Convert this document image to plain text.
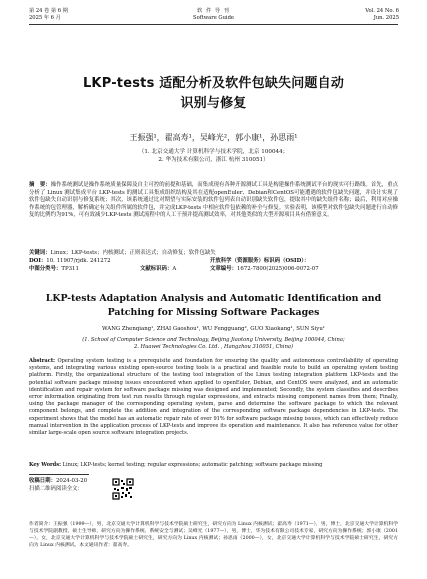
第 24 卷 第 6 期
2025 年 6 月
软 件 导 刊
Software Guide
Vol. 24 No. 6
Jun. 2025
LKP-tests 适配分析及软件包缺失问题自动
识别与修复
王振强¹，翟高寿¹，吴峰光²，郭小康¹，孙思雨¹
（1. 北京交通大学 计算机科学与技术学院，北京 100044；
2. 华为技术有限公司，浙江 杭州 310051）
摘　要：操作系统测试是操作系统质量保障及自主可控的前提和基础，而集成现有各种开源测试工具是构建操作系统测试平台的现实可行路线。首先，重点分析了 Linux 测试集成平台 LKP-tests 的测试工具集成组织结构及其在适配openEuler、Debian和CentOS可能遭遇的软件包缺失问题，并设计实现了软件包缺失自动识别与修复系统；其次，该系统通过比对期望与实际安装的软件包列表自动识别缺失软件包，提取其中的缺失组件名称；最后，利用对应操作系统的包管理器，解析确定有关组件所属的软件包，并完成LKP-tests 中相应软件包依赖的补全与修复。实验表明，该模型对软件包缺失问题进行自动修复的比例约为91%，可有效减少LKP-tests 测试流程中的人工干预并提高测试效率，对其他类似的大型开源项目具有借鉴意义。
关键词：Linux；LKP-tests；内核测试；正则表达式；自动修复；软件包缺失
DOI：10. 11907/rjdk. 241272	开放科学（资源服务）标识码（OSID）：
中图分类号：TP311	文献标识码：A	文章编号：1672-7800(2025)006-0072-07
LKP-tests Adaptation Analysis and Automatic Identification and
Patching for Missing Software Packages
WANG Zhenqiang¹, ZHAI Gaoshou¹, WU Fengguang², GUO Xiaokang¹, SUN Siyu¹
(1. School of Computer Science and Technology, Beijing Jiaotong University, Beijing 100044, China;
2. Huawei Technologies Co. Ltd. , Hangzhou 310051, China)
Abstract: Operating system testing is a prerequisite and foundation for ensuring the quality and autonomous controllability of operating systems, and integrating various existing open-source testing tools is a practical and feasible route to build an operating system testing platform. Firstly, the organizational structure of the testing tool integration of the Linux testing integration platform LKP-tests and the potential software package missing issues encountered when applied to openEuler, Debian, and CentOS were analyzed, and an automatic identification and repair system for software package missing was designed and implemented; Secondly, the system classifies and describes error information originating from test run results through regular expressions, and extracts missing component names from them; Finally, using the package manager of the corresponding operating system, parse and determine the software package to which the relevant component belongs, and complete the addition and integration of the corresponding software package dependencies in LKP-tests. The experiment shows that the model has an automatic repair rate of over 91% for software package missing issues, which can effectively reduce manual intervention in the application process of LKP-tests and improve its operation and maintenance. It also has reference value for other similar large-scale open source software integration projects.
Key Words: Linux; LKP-tests; kernel testing; regular expressions; automatic patching; software package missing
收稿日期：2024-03-20
扫描二维码阅读全文：
作者简介：王振强（1999—），男，北京交通大学计算机科学与技术学院硕士研究生，研究方向为 Linux 内核测试；翟高寿（1971—），男，博士，北京交通大学计算机科学与技术学院副教授、硕士生导师，研究方向为操作系统、系统安全与测试；吴峰光（1977—），男，博士，华为技术有限公司技术专家，研究方向为操作系统；郭小康（2001—），女，北京交通大学计算机科学与技术学院硕士研究生，研究方向为 Linux 内核测试；孙思雨（2000—），女，北京交通大学计算机科学与技术学院硕士研究生，研究方向为 Linux 内核测试。本文通讯作者：翟高寿。
